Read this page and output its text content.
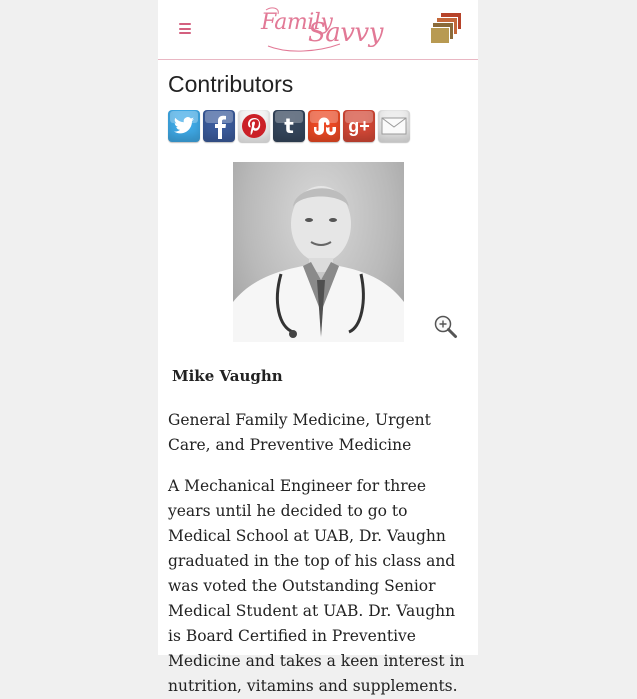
Family
Savvy
Contributors
t	g+
Mike Vaughn

General Family Medicine, Urgent Care, and Preventive Medicine

A Mechanical Engineer for three years until he decided to go to Medical School at UAB, Dr. Vaughn graduated in the top of his class and was voted the Outstanding Senior Medical Student at UAB. Dr. Vaughn is Board Certified in Preventive Medicine and takes a keen interest in nutrition, vitamins and supplements.
